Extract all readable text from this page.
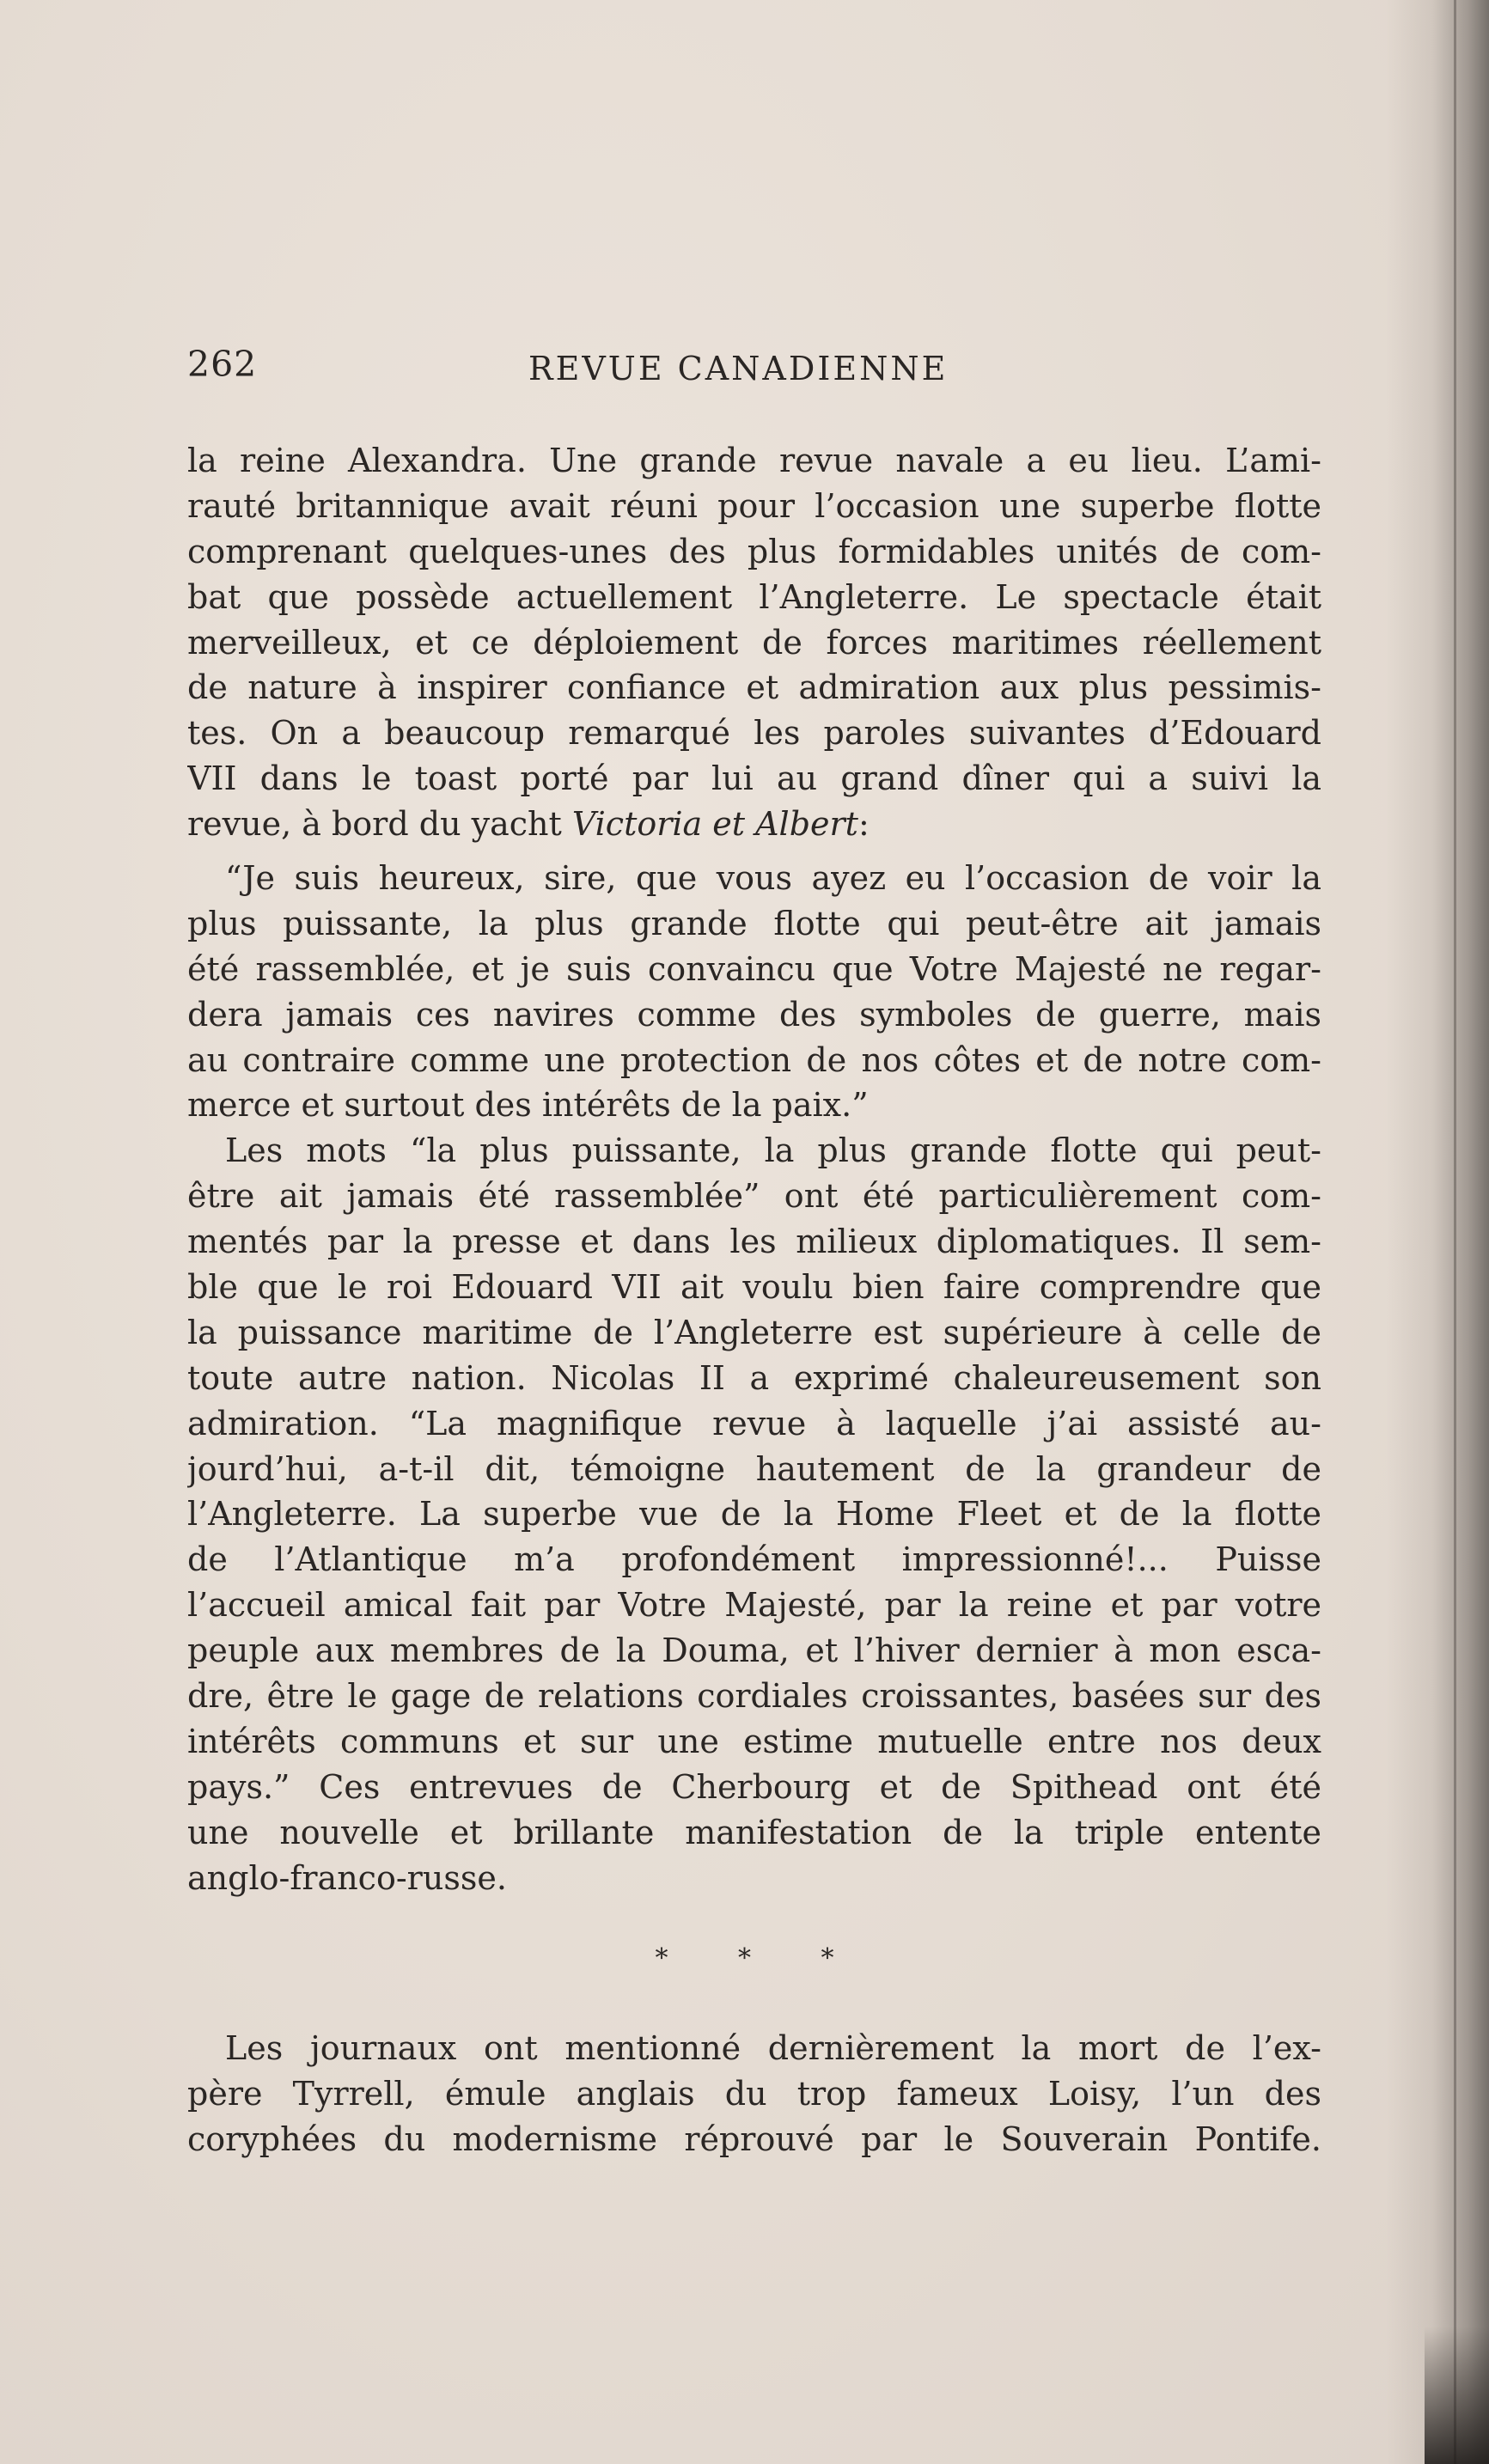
262	REVUE CANADIENNE
la reine Alexandra. Une grande revue navale a eu lieu. L’ami-
rauté britannique avait réuni pour l’occasion une superbe flotte
comprenant quelques-unes des plus formidables unités de com-
bat que possède actuellement l’Angleterre. Le spectacle était
merveilleux, et ce déploiement de forces maritimes réellement
de nature à inspirer confiance et admiration aux plus pessimis-
tes. On a beaucoup remarqué les paroles suivantes d’Edouard
VII dans le toast porté par lui au grand dîner qui a suivi la
revue, à bord du yacht Victoria et Albert:
“Je suis heureux, sire, que vous ayez eu l’occasion de voir la
plus puissante, la plus grande flotte qui peut-être ait jamais
été rassemblée, et je suis convaincu que Votre Majesté ne regar-
dera jamais ces navires comme des symboles de guerre, mais
au contraire comme une protection de nos côtes et de notre com-
merce et surtout des intérêts de la paix.”
Les mots “la plus puissante, la plus grande flotte qui peut-
être ait jamais été rassemblée” ont été particulièrement com-
mentés par la presse et dans les milieux diplomatiques. Il sem-
ble que le roi Edouard VII ait voulu bien faire comprendre que
la puissance maritime de l’Angleterre est supérieure à celle de
toute autre nation. Nicolas II a exprimé chaleureusement son
admiration. “La magnifique revue à laquelle j’ai assisté au-
jourd’hui, a-t-il dit, témoigne hautement de la grandeur de
l’Angleterre. La superbe vue de la Home Fleet et de la flotte
de l’Atlantique m’a profondément impressionné!... Puisse
l’accueil amical fait par Votre Majesté, par la reine et par votre
peuple aux membres de la Douma, et l’hiver dernier à mon esca-
dre, être le gage de relations cordiales croissantes, basées sur des
intérêts communs et sur une estime mutuelle entre nos deux
pays.” Ces entrevues de Cherbourg et de Spithead ont été
une nouvelle et brillante manifestation de la triple entente
anglo-franco-russe.
* * *
Les journaux ont mentionné dernièrement la mort de l’ex-
père Tyrrell, émule anglais du trop fameux Loisy, l’un des
coryphées du modernisme réprouvé par le Souverain Pontife.
